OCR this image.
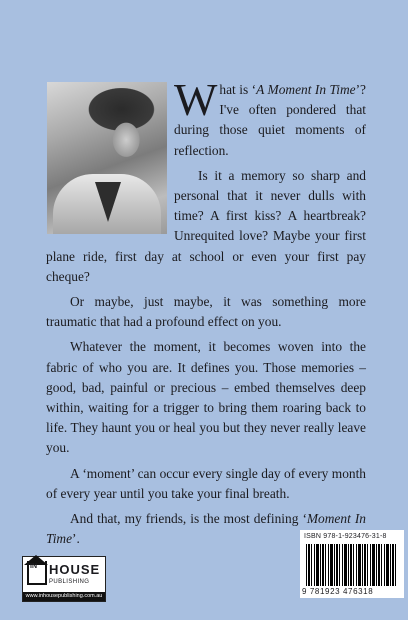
What is ‘A Moment In Time’? I've often pondered that during those quiet moments of reflection.

Is it a memory so sharp and personal that it never dulls with time? A first kiss? A heartbreak? Unrequited love? Maybe your first plane ride, first day at school or even your first pay cheque?

Or maybe, just maybe, it was something more traumatic that had a profound effect on you.

Whatever the moment, it becomes woven into the fabric of who you are. It defines you. Those memories – good, bad, painful or precious – embed themselves deep within, waiting for a trigger to bring them roaring back to life. They haunt you or heal you but they never really leave you.

A ‘moment’ can occur every single day of every month of every year until you take your final breath.

And that, my friends, is the most defining ‘Moment In Time’.

IN HOUSE
PUBLISHING
www.inhousepublishing.com.au
ISBN 978-1-923476-31-8
9 781923 476318
